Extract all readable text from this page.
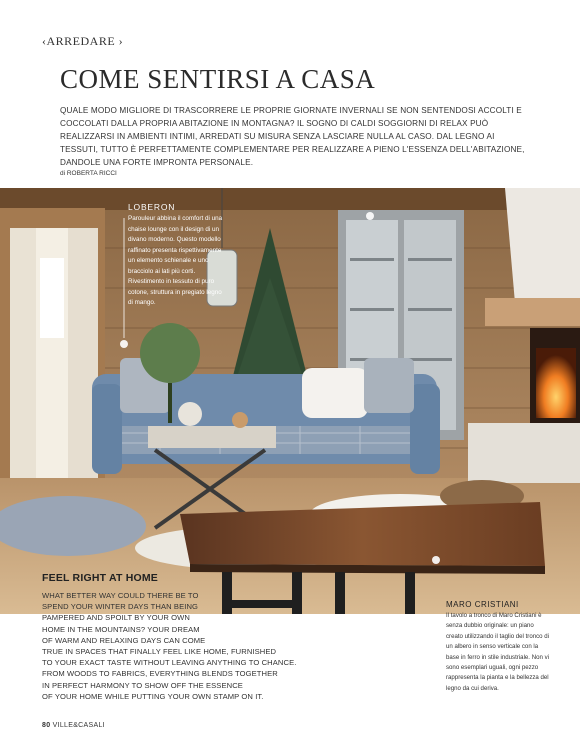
‹ARREDARE ›
COME SENTIRSI A CASA

QUALE MODO MIGLIORE DI TRASCORRERE LE PROPRIE GIORNATE INVERNALI SE NON SENTENDOSI ACCOLTI E COCCOLATI DALLA PROPRIA ABITAZIONE IN MONTAGNA? IL SOGNO DI CALDI SOGGIORNI DI RELAX PUÒ REALIZZARSI IN AMBIENTI INTIMI, ARREDATI SU MISURA SENZA LASCIARE NULLA AL CASO. DAL LEGNO AI TESSUTI, TUTTO È PERFETTAMENTE COMPLEMENTARE PER REALIZZARE A PIENO L'ESSENZA DELL'ABITAZIONE, DANDOLE UNA FORTE IMPRONTA PERSONALE.

di ROBERTA RICCI
LOBERON
Parouleur abbina il comfort di una chaise lounge con il design di un divano moderno. Questo modello raffinato presenta rispettivamente un elemento schienale e uno bracciolo ai lati più corti. Rivestimento in tessuto di puro cotone, struttura in pregiato legno di mango.
FEEL RIGHT AT HOME
WHAT BETTER WAY COULD THERE BE TO
SPEND YOUR WINTER DAYS THAN BEING
PAMPERED AND SPOILT BY YOUR OWN
HOME IN THE MOUNTAINS? YOUR DREAM
OF WARM AND RELAXING DAYS CAN COME
TRUE IN SPACES THAT FINALLY FEEL LIKE HOME, FURNISHED
TO YOUR EXACT TASTE WITHOUT LEAVING ANYTHING TO CHANCE.
FROM WOODS TO FABRICS, EVERYTHING BLENDS TOGETHER
IN PERFECT HARMONY TO SHOW OFF THE ESSENCE
OF YOUR HOME WHILE PUTTING YOUR OWN STAMP ON IT.
MARO CRISTIANI
Il tavolo a tronco di Maro Cristiani è senza dubbio originale: un piano creato utilizzando il taglio del tronco di un albero in senso verticale con la base in ferro in stile industriale. Non vi sono esemplari uguali, ogni pezzo rappresenta la pianta e la bellezza del legno da cui deriva.
80 VILLE&CASALI
